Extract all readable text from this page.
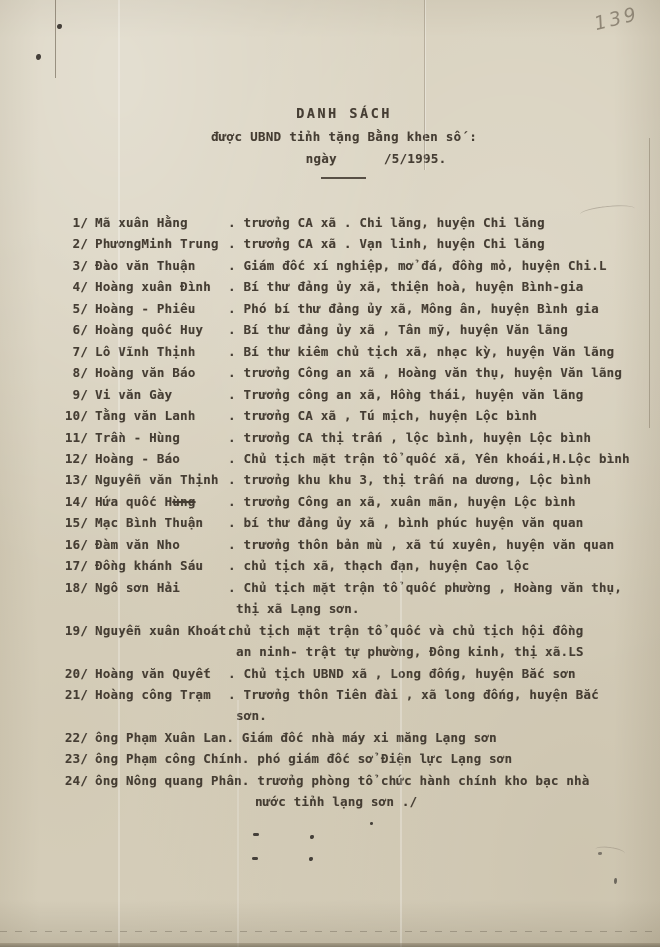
139
DANH SÁCH
được UBND tỉnh tặng Bằng khen số :
ngày      /5/1995.
1/ Mã xuân Hằng	. trưởng CA xã . Chi lăng, huyện Chi lăng
2/ PhươngMinh Trung . trưởng CA xã . Vạn linh, huyện Chi lăng
3/ Đào văn Thuận	. Giám đốc xí nghiệp, mở đá, đồng mỏ, huyện Chi.L
4/ Hoàng xuân Đình . Bí thư đảng ủy xã, thiện hoà, huyện Bình-gia
5/ Hoàng - Phiêu	. Phó bí thư đảng ủy xã, Mông ân, huyện Bình gia
6/ Hoàng quốc Huy . Bí thư đảng ủy xã , Tân mỹ, huyện Văn lãng
7/ Lô Vĩnh Thịnh	. Bí thư kiêm chủ tịch xã, nhạc kỳ, huyện Văn lãng
8/ Hoàng văn Báo	. trưởng Công an xã , Hoàng văn thụ, huyện Văn lãng
9/ Vi văn Gày	. Trưởng công an xã, Hồng thái, huyện văn lãng
10/ Tằng văn Lanh	. trưởng CA xã , Tú mịch, huyện Lộc bình
11/ Trần - Hùng	. trưởng CA thị trấn , lộc bình, huyện Lộc bình
12/ Hoàng - Báo	. Chủ tịch mặt trận tổ quốc xã, Yên khoái,H.Lộc bình
13/ Nguyễn văn Thịnh . trưởng khu khu 3, thị trấn na dương, Lộc bình
14/ Hứa quốc Hùng	. trưởng Công an xã, xuân mãn, huyện Lộc bình
15/ Mạc Bình Thuận . bí thư đảng ủy xã , bình phúc huyện văn quan
16/ Đàm văn Nho	. trưởng thôn bản mù , xã tú xuyên, huyện văn quan
17/ Đồng khánh Sáu . chủ tịch xã, thạch đạn, huyện Cao lộc
18/ Ngô sơn Hải	. Chủ tịch mặt trận tổ quốc phường , Hoàng văn thụ,
thị xã Lạng sơn.
19/ Nguyễn xuân Khoát.chủ tịch mặt trận tổ quốc và chủ tịch hội đồng
an ninh- trật tự phường, Đông kinh, thị xã.LS
20/ Hoàng văn Quyết . Chủ tịch UBND xã , Long đống, huyện Bắc sơn
21/ Hoàng công Trạm . Trưởng thôn Tiên đài , xã long đống, huyện Bắc
sơn.
22/ ông Phạm Xuân Lan. Giám đốc nhà máy xi măng Lạng sơn
23/ ông Phạm công Chính. phó giám đốc sở Điện lực Lạng sơn
24/ ông Nông quang Phân. trưởng phòng tổ chức hành chính kho bạc nhà
nước tỉnh lạng sơn ./
